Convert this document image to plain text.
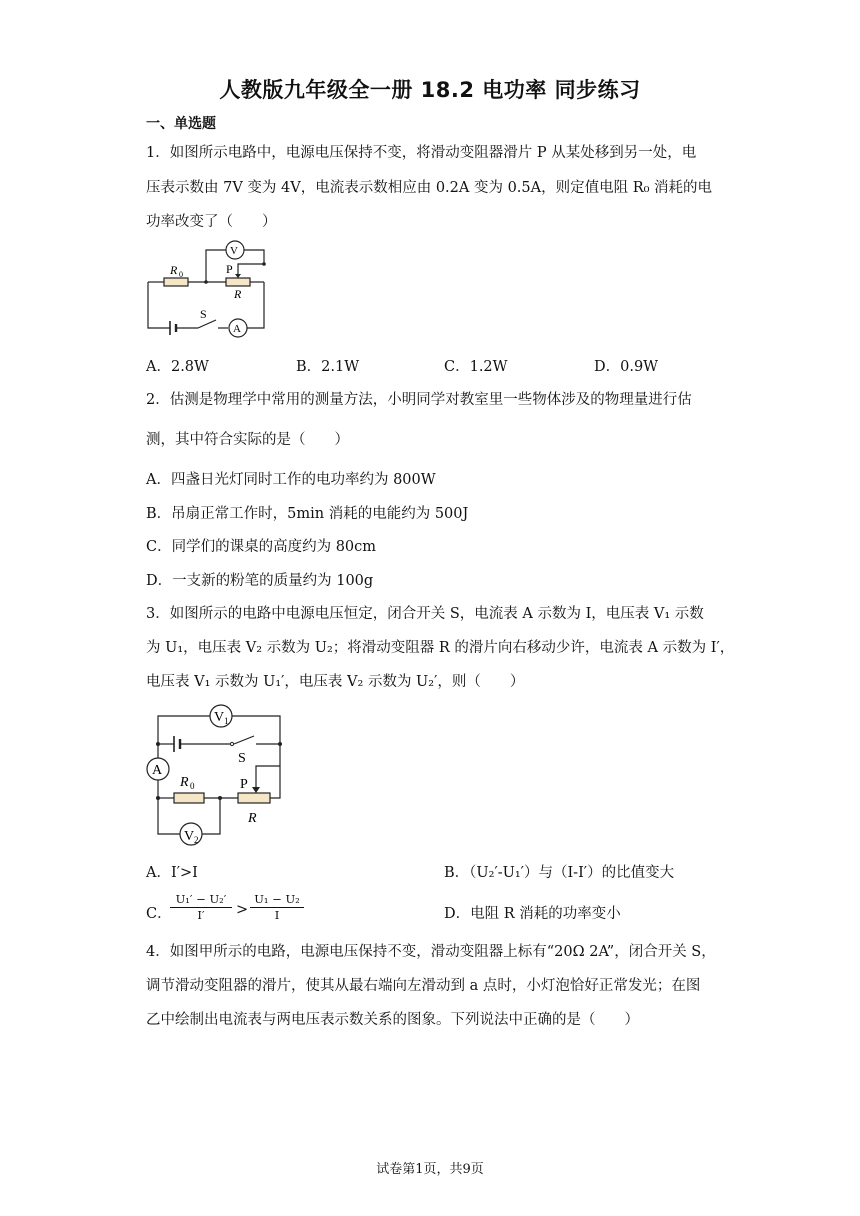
人教版九年级全一册 18.2 电功率 同步练习
一、单选题
1．如图所示电路中，电源电压保持不变，将滑动变阻器滑片 P 从某处移到另一处，电
压表示数由 7V 变为 4V，电流表示数相应由 0.2A 变为 0.5A，则定值电阻 R₀ 消耗的电
功率改变了（　　）
R 0	P
R
S
V
A
A．2.8W	B．2.1W	C．1.2W	D．0.9W
2．估测是物理学中常用的测量方法，小明同学对教室里一些物体涉及的物理量进行估
测，其中符合实际的是（　　）
A．四盏日光灯同时工作的电功率约为 800W
B．吊扇正常工作时，5min 消耗的电能约为 500J
C．同学们的课桌的高度约为 80cm
D．一支新的粉笔的质量约为 100g
3．如图所示的电路中电源电压恒定，闭合开关 S，电流表 A 示数为 I，电压表 V₁ 示数
为 U₁，电压表 V₂ 示数为 U₂；将滑动变阻器 R 的滑片向右移动少许，电流表 A 示数为 I′，
电压表 V₁ 示数为 U₁′，电压表 V₂ 示数为 U₂′，则（　　）
V 1
V 2
A
S
R 0	P
R
A．I′>I	B．（U₂′-U₁′）与（I-I′）的比值变大
C．
$\frac{\text{U₁′ − U₂′}}{I'} > \frac{\text{U₁ − U₂}}{I}$	D．电阻 R 消耗的功率变小
4．如图甲所示的电路，电源电压保持不变，滑动变阻器上标有“20Ω 2A”，闭合开关 S，
调节滑动变阻器的滑片，使其从最右端向左滑动到 a 点时，小灯泡恰好正常发光；在图
乙中绘制出电流表与两电压表示数关系的图象。下列说法中正确的是（　　）
试卷第1页，共9页
